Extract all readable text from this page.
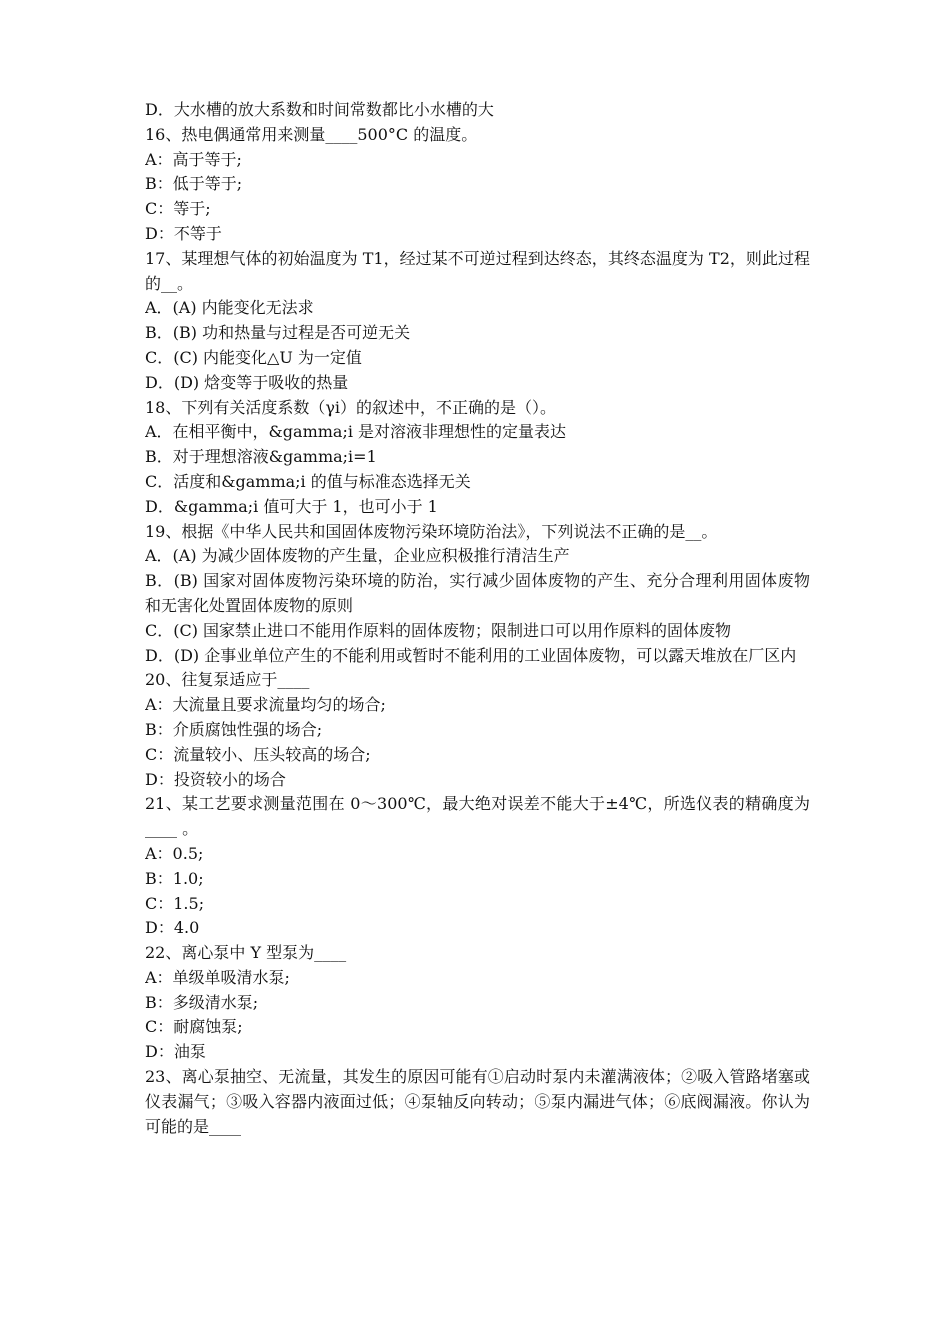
D．大水槽的放大系数和时间常数都比小水槽的大
16、热电偶通常用来测量____500°C 的温度。
A：高于等于;
B：低于等于;
C：等于;
D：不等于
17、某理想气体的初始温度为 T1，经过某不可逆过程到达终态，其终态温度为 T2，则此过程的__。
A．(A) 内能变化无法求
B．(B) 功和热量与过程是否可逆无关
C．(C) 内能变化△U 为一定值
D．(D) 焓变等于吸收的热量
18、下列有关活度系数（γi）的叙述中，不正确的是（）。
A．在相平衡中，&gamma;i 是对溶液非理想性的定量表达
B．对于理想溶液&gamma;i=1
C．活度和&gamma;i 的值与标准态选择无关
D．&gamma;i 值可大于 1，也可小于 1
19、根据《中华人民共和国固体废物污染环境防治法》，下列说法不正确的是__。
A．(A) 为减少固体废物的产生量，企业应积极推行清洁生产
B．(B) 国家对固体废物污染环境的防治，实行减少固体废物的产生、充分合理利用固体废物和无害化处置固体废物的原则
C．(C) 国家禁止进口不能用作原料的固体废物；限制进口可以用作原料的固体废物
D．(D) 企事业单位产生的不能利用或暂时不能利用的工业固体废物，可以露天堆放在厂区内
20、往复泵适应于____
A：大流量且要求流量均匀的场合;
B：介质腐蚀性强的场合;
C：流量较小、压头较高的场合;
D：投资较小的场合
21、某工艺要求测量范围在 0～300℃，最大绝对误差不能大于±4℃，所选仪表的精确度为____ 。
A：0.5;
B：1.0;
C：1.5;
D：4.0
22、离心泵中 Y 型泵为____
A：单级单吸清水泵;
B：多级清水泵;
C：耐腐蚀泵;
D：油泵
23、离心泵抽空、无流量，其发生的原因可能有①启动时泵内未灌满液体；②吸入管路堵塞或仪表漏气；③吸入容器内液面过低；④泵轴反向转动；⑤泵内漏进气体；⑥底阀漏液。你认为可能的是____
